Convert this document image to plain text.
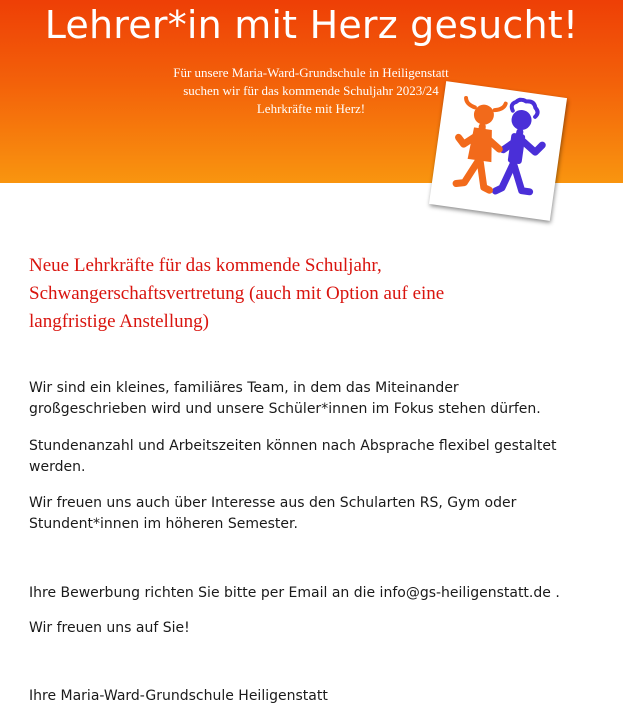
Lehrer*in mit Herz gesucht!
Für unsere Maria-Ward-Grundschule in Heiligenstatt
suchen wir für das kommende Schuljahr 2023/24
Lehrkräfte mit Herz!
Neue Lehrkräfte für das kommende Schuljahr,
Schwangerschaftsvertretung (auch mit Option auf eine
langfristige Anstellung)
Wir sind ein kleines, familiäres Team, in dem das Miteinander
großgeschrieben wird und unsere Schüler*innen im Fokus stehen dürfen.
Stundenanzahl und Arbeitszeiten können nach Absprache flexibel gestaltet
werden.
Wir freuen uns auch über Interesse aus den Schularten RS, Gym oder
Stundent*innen im höheren Semester.
Ihre Bewerbung richten Sie bitte per Email an die info@gs-heiligenstatt.de .
Wir freuen uns auf Sie!
Ihre Maria-Ward-Grundschule Heiligenstatt
